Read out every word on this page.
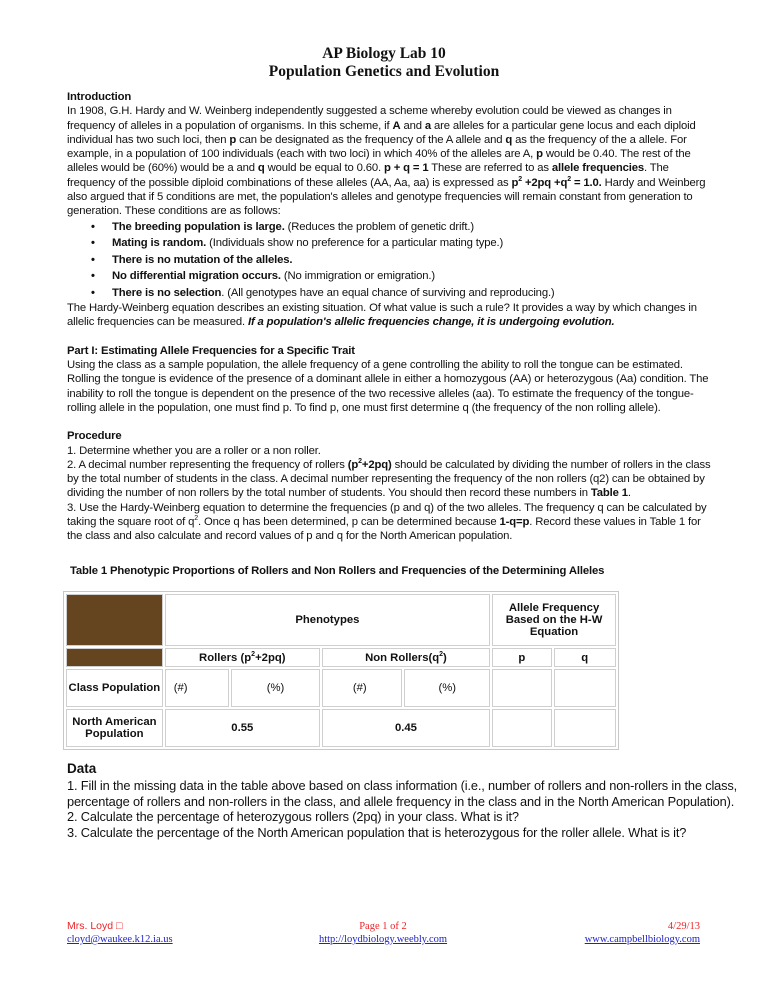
AP Biology Lab 10
Population Genetics and Evolution

Introduction

In 1908, G.H. Hardy and W. Weinberg independently suggested a scheme whereby evolution could be viewed as changes in frequency of alleles in a population of organisms. In this scheme, if A and a are alleles for a particular gene locus and each diploid individual has two such loci, then p can be designated as the frequency of the A allele and q as the frequency of the a allele. For example, in a population of 100 individuals (each with two loci) in which 40% of the alleles are A, p would be 0.40. The rest of the alleles would be (60%) would be a and q would be equal to 0.60. p + q = 1 These are referred to as allele frequencies. The frequency of the possible diploid combinations of these alleles (AA, Aa, aa) is expressed as $p^2 +2pq +q^2 = 1.0$. Hardy and Weinberg also argued that if 5 conditions are met, the population's alleles and genotype frequencies will remain constant from generation to generation. These conditions are as follows:

• The breeding population is large. (Reduces the problem of genetic drift.)
• Mating is random. (Individuals show no preference for a particular mating type.)
• There is no mutation of the alleles.
• No differential migration occurs. (No immigration or emigration.)
• There is no selection. (All genotypes have an equal chance of surviving and reproducing.)

The Hardy-Weinberg equation describes an existing situation. Of what value is such a rule? It provides a way by which changes in allelic frequencies can be measured. If a population's allelic frequencies change, it is undergoing evolution.

Part I: Estimating Allele Frequencies for a Specific Trait

Using the class as a sample population, the allele frequency of a gene controlling the ability to roll the tongue can be estimated. Rolling the tongue is evidence of the presence of a dominant allele in either a homozygous (AA) or heterozygous (Aa) condition. The inability to roll the tongue is dependent on the presence of the two recessive alleles (aa). To estimate the frequency of the tongue-rolling allele in the population, one must find p. To find p, one must first determine q (the frequency of the non rolling allele).

Procedure

1. Determine whether you are a roller or a non roller.

2. A decimal number representing the frequency of rollers $(p^2+2pq)$ should be calculated by dividing the number of rollers in the class by the total number of students in the class. A decimal number representing the frequency of the non rollers (q2) can be obtained by dividing the number of non rollers by the total number of students. You should then record these numbers in Table 1.

3. Use the Hardy-Weinberg equation to determine the frequencies (p and q) of the two alleles. The frequency q can be calculated by taking the square root of $q^2$. Once q has been determined, p can be determined because 1-q=p. Record these values in Table 1 for the class and also calculate and record values of p and q for the North American population.

Table 1 Phenotypic Proportions of Rollers and Non Rollers and Frequencies of the Determining Alleles
	Phenotypes				Allele Frequency Based on the H-W Equation	
	Rollers $(p^2+2pq)$		Non $Rollers(q^2)$		p	q
Class Population	(#)	(%)	(#)	(%)		
North American Population	0.55		0.45			
Data

1. Fill in the missing data in the table above based on class information (i.e., number of rollers and non-rollers in the class, percentage of rollers and non-rollers in the class, and allele frequency in the class and in the North American Population).

2. Calculate the percentage of heterozygous rollers (2pq) in your class. What is it?

3. Calculate the percentage of the North American population that is heterozygous for the roller allele. What is it?

Mrs. Loyd □
cloyd@waukee.k12.ia.us
Page 1 of 2
http://loydbiology.weebly.com
4/29/13
www.campbellbiology.com
